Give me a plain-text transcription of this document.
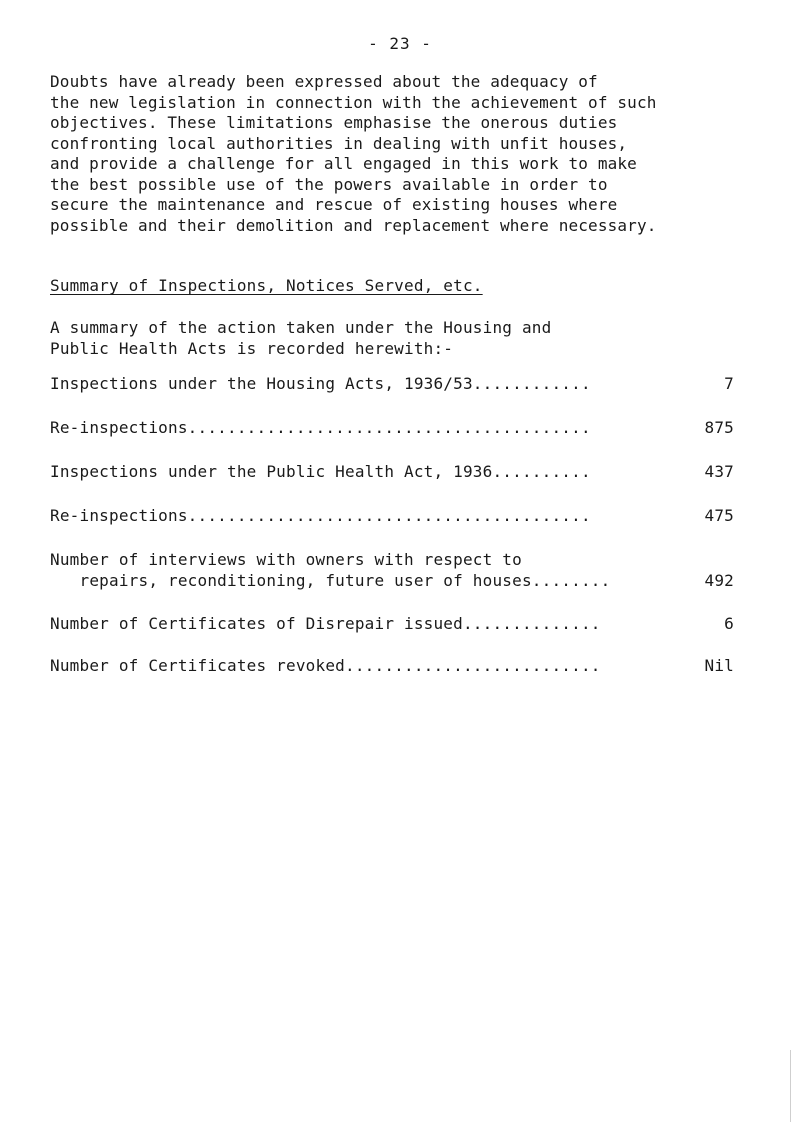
- 23 -
Doubts have already been expressed about the adequacy of
the new legislation in connection with the achievement of such
objectives. These limitations emphasise the onerous duties
confronting local authorities in dealing with unfit houses,
and provide a challenge for all engaged in this work to make
the best possible use of the powers available in order to
secure the maintenance and rescue of existing houses where
possible and their demolition and replacement where necessary.
Summary of Inspections, Notices Served, etc.
A summary of the action taken under the Housing and
Public Health Acts is recorded herewith:-
Inspections under the Housing Acts, 1936/53............	7
Re-inspections.........................................	875
Inspections under the Public Health Act, 1936..........	437
Re-inspections.........................................	475
Number of interviews with owners with respect to
repairs, reconditioning, future user of houses........	492
Number of Certificates of Disrepair issued..............	6
Number of Certificates revoked..........................	Nil
